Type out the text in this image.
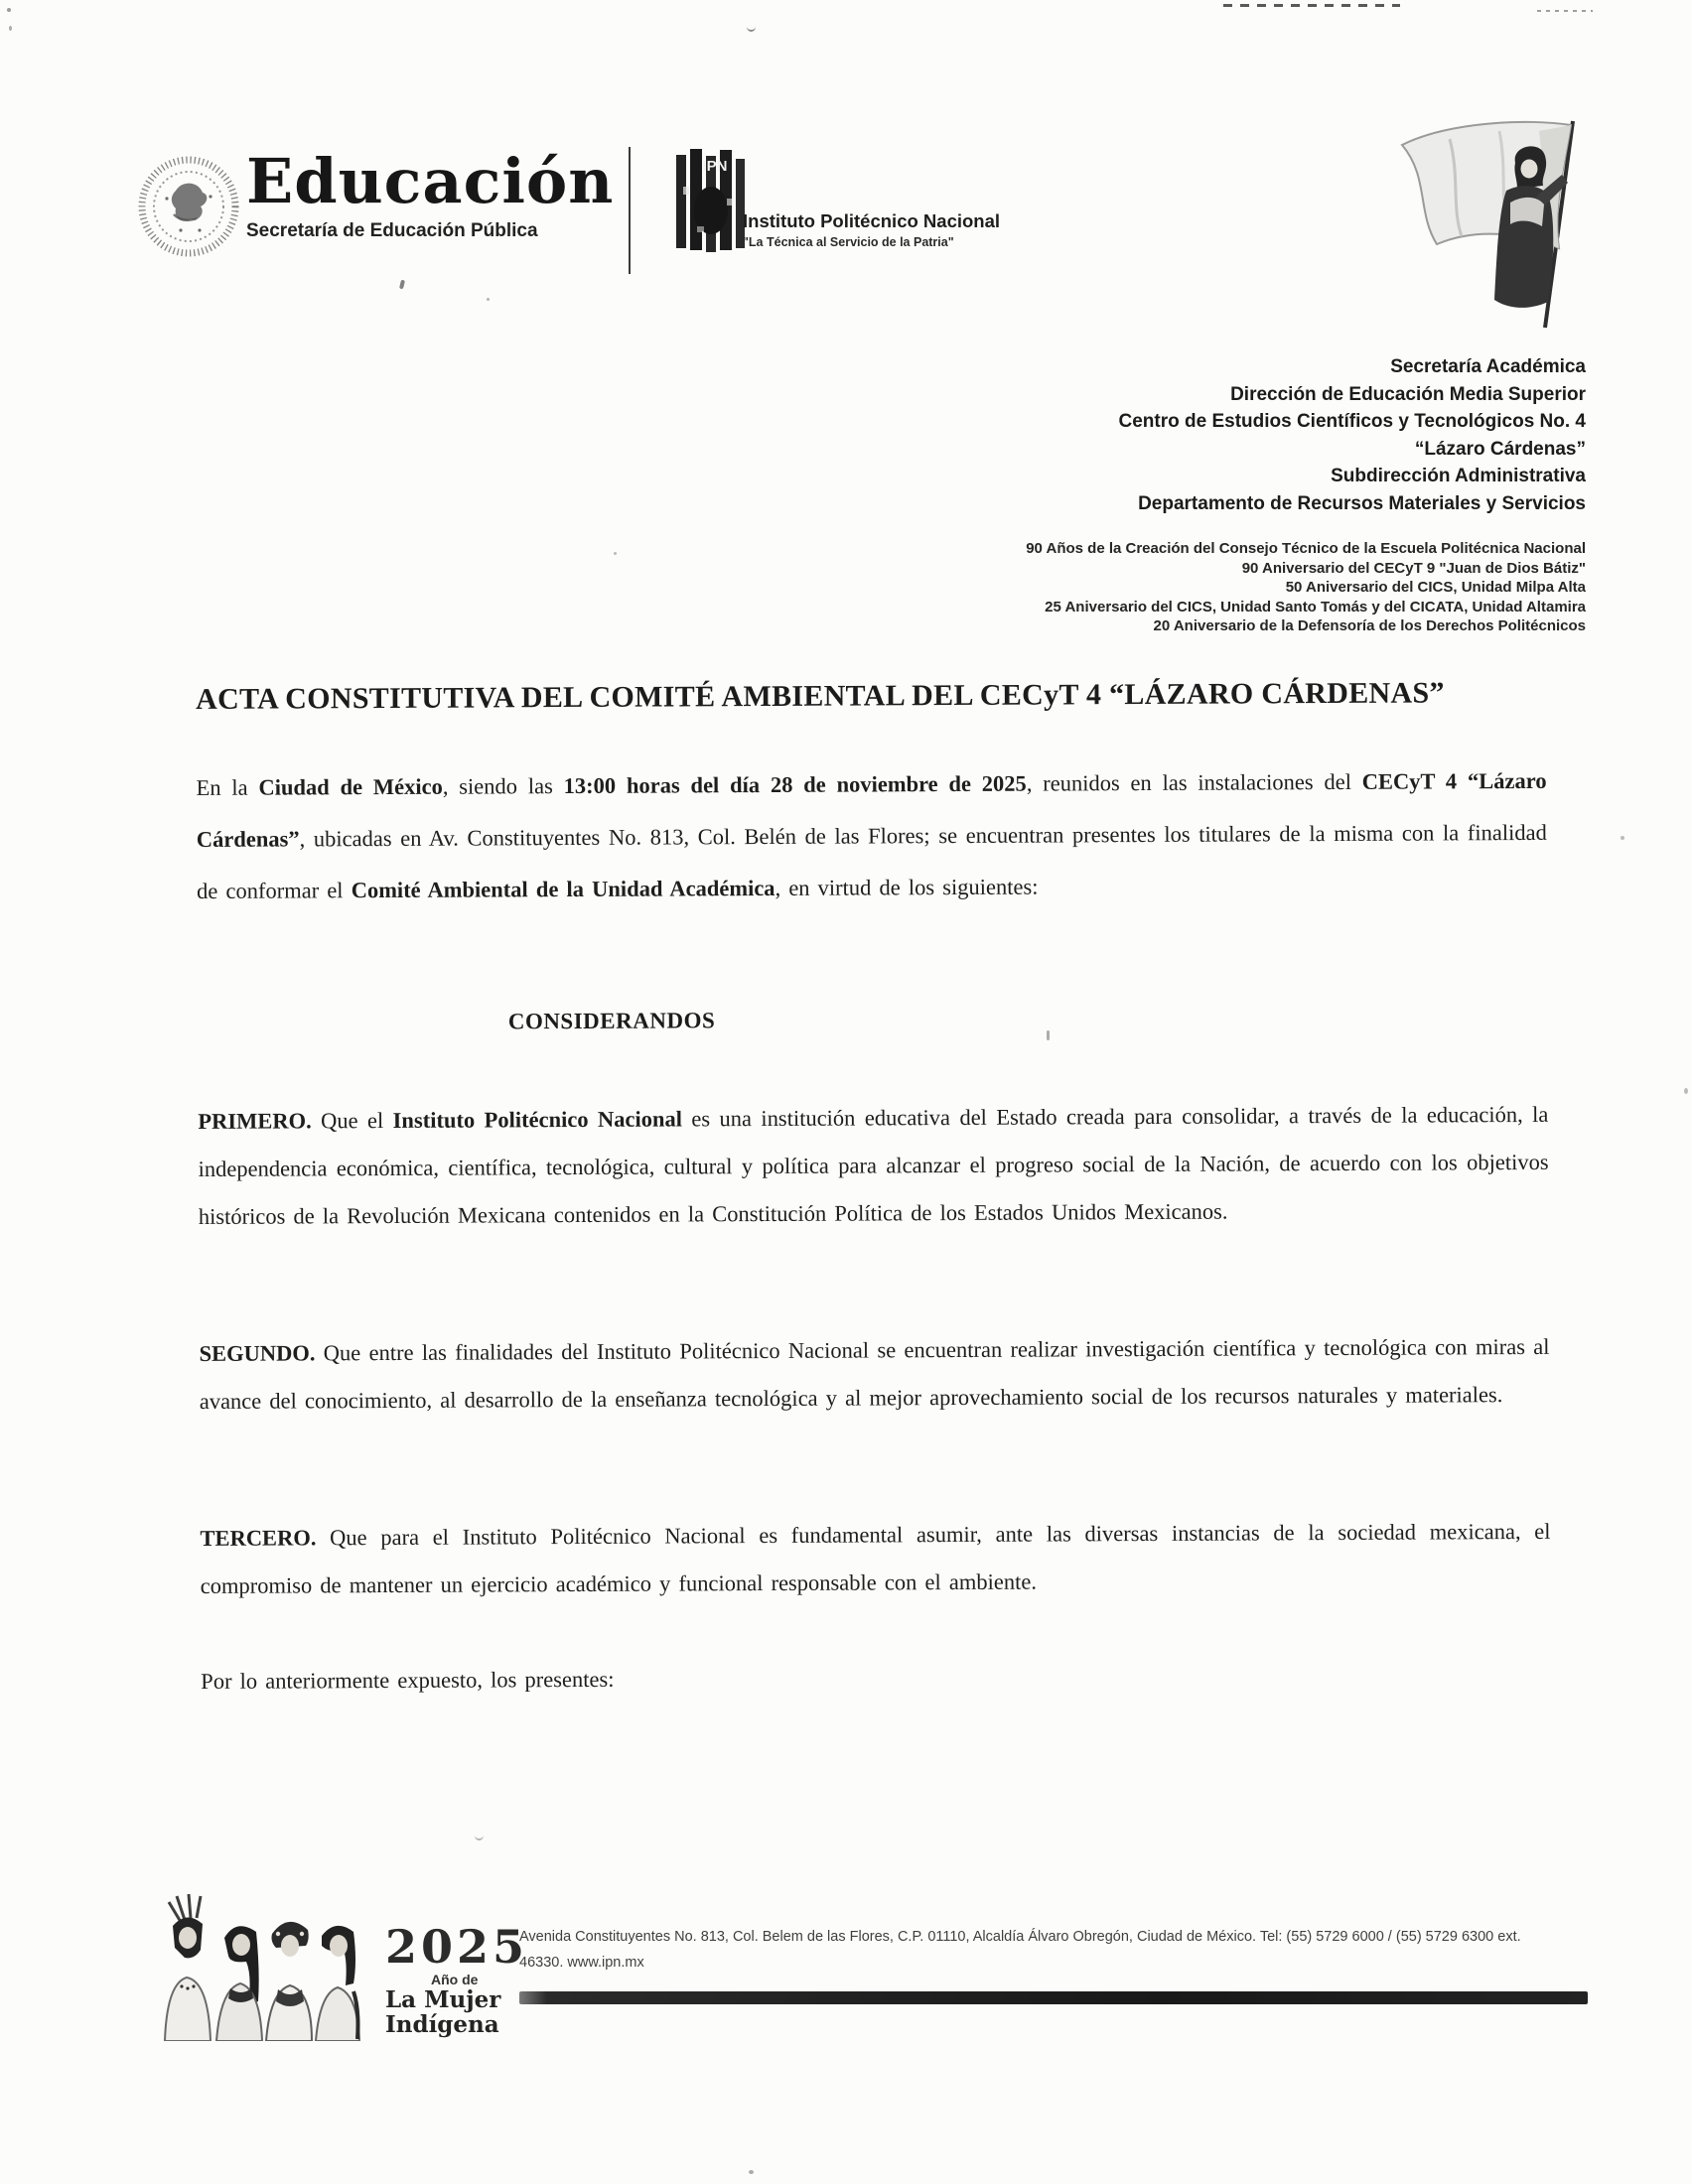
Educación
Secretaría de Educación Pública
IPN
Instituto Politécnico Nacional
"La Técnica al Servicio de la Patria"
Secretaría Académica
Dirección de Educación Media Superior
Centro de Estudios Científicos y Tecnológicos No. 4
“Lázaro Cárdenas”
Subdirección Administrativa
Departamento de Recursos Materiales y Servicios
90 Años de la Creación del Consejo Técnico de la Escuela Politécnica Nacional
90 Aniversario del CECyT 9 "Juan de Dios Bátiz"
50 Aniversario del CICS, Unidad Milpa Alta
25 Aniversario del CICS, Unidad Santo Tomás y del CICATA, Unidad Altamira
20 Aniversario de la Defensoría de los Derechos Politécnicos
ACTA CONSTITUTIVA DEL COMITÉ AMBIENTAL DEL CECyT 4 “LÁZARO CÁRDENAS”

En la Ciudad de México, siendo las 13:00 horas del día 28 de noviembre de 2025, reunidos en las instalaciones del CECyT 4 “Lázaro Cárdenas”, ubicadas en Av. Constituyentes No. 813, Col. Belén de las Flores; se encuentran presentes los titulares de la misma con la finalidad de conformar el Comité Ambiental de la Unidad Académica, en virtud de los siguientes:

CONSIDERANDOS

PRIMERO. Que el Instituto Politécnico Nacional es una institución educativa del Estado creada para consolidar, a través de la educación, la independencia económica, científica, tecnológica, cultural y política para alcanzar el progreso social de la Nación, de acuerdo con los objetivos históricos de la Revolución Mexicana contenidos en la Constitución Política de los Estados Unidos Mexicanos.

SEGUNDO. Que entre las finalidades del Instituto Politécnico Nacional se encuentran realizar investigación científica y tecnológica con miras al avance del conocimiento, al desarrollo de la enseñanza tecnológica y al mejor aprovechamiento social de los recursos naturales y materiales.

TERCERO. Que para el Instituto Politécnico Nacional es fundamental asumir, ante las diversas instancias de la sociedad mexicana, el compromiso de mantener un ejercicio académico y funcional responsable con el ambiente.

Por lo anteriormente expuesto, los presentes:

2025
Año de
La Mujer
Indígena

Avenida Constituyentes No. 813, Col. Belem de las Flores, C.P. 01110, Alcaldía Álvaro Obregón, Ciudad de México. Tel: (55) 5729 6000 / (55) 5729 6300 ext. 46330. www.ipn.mx
